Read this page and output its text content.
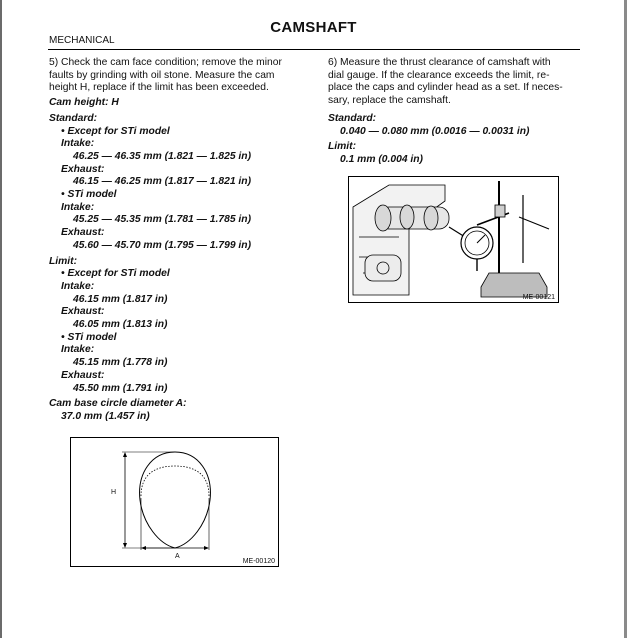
CAMSHAFT
MECHANICAL
5) Check the cam face condition; remove the minor
faults by grinding with oil stone. Measure the cam
height H, replace if the limit has been exceeded.
Cam height: H
Standard:
• Except for STi model
Intake:
46.25 — 46.35 mm (1.821 — 1.825 in)
Exhaust:
46.15 — 46.25 mm (1.817 — 1.821 in)
• STi model
Intake:
45.25 — 45.35 mm (1.781 — 1.785 in)
Exhaust:
45.60 — 45.70 mm (1.795 — 1.799 in)
Limit:
• Except for STi model
Intake:
46.15 mm (1.817 in)
Exhaust:
46.05 mm (1.813 in)
• STi model
Intake:
45.15 mm (1.778 in)
Exhaust:
45.50 mm (1.791 in)
Cam base circle diameter A:
37.0 mm (1.457 in)
6) Measure the thrust clearance of camshaft with
dial gauge. If the clearance exceeds the limit, re-
place the caps and cylinder head as a set. If neces-
sary, replace the camshaft.
Standard:
0.040 — 0.080 mm (0.0016 — 0.0031 in)
Limit:
0.1 mm (0.004 in)
H
A
ME-00120
ME-00121
